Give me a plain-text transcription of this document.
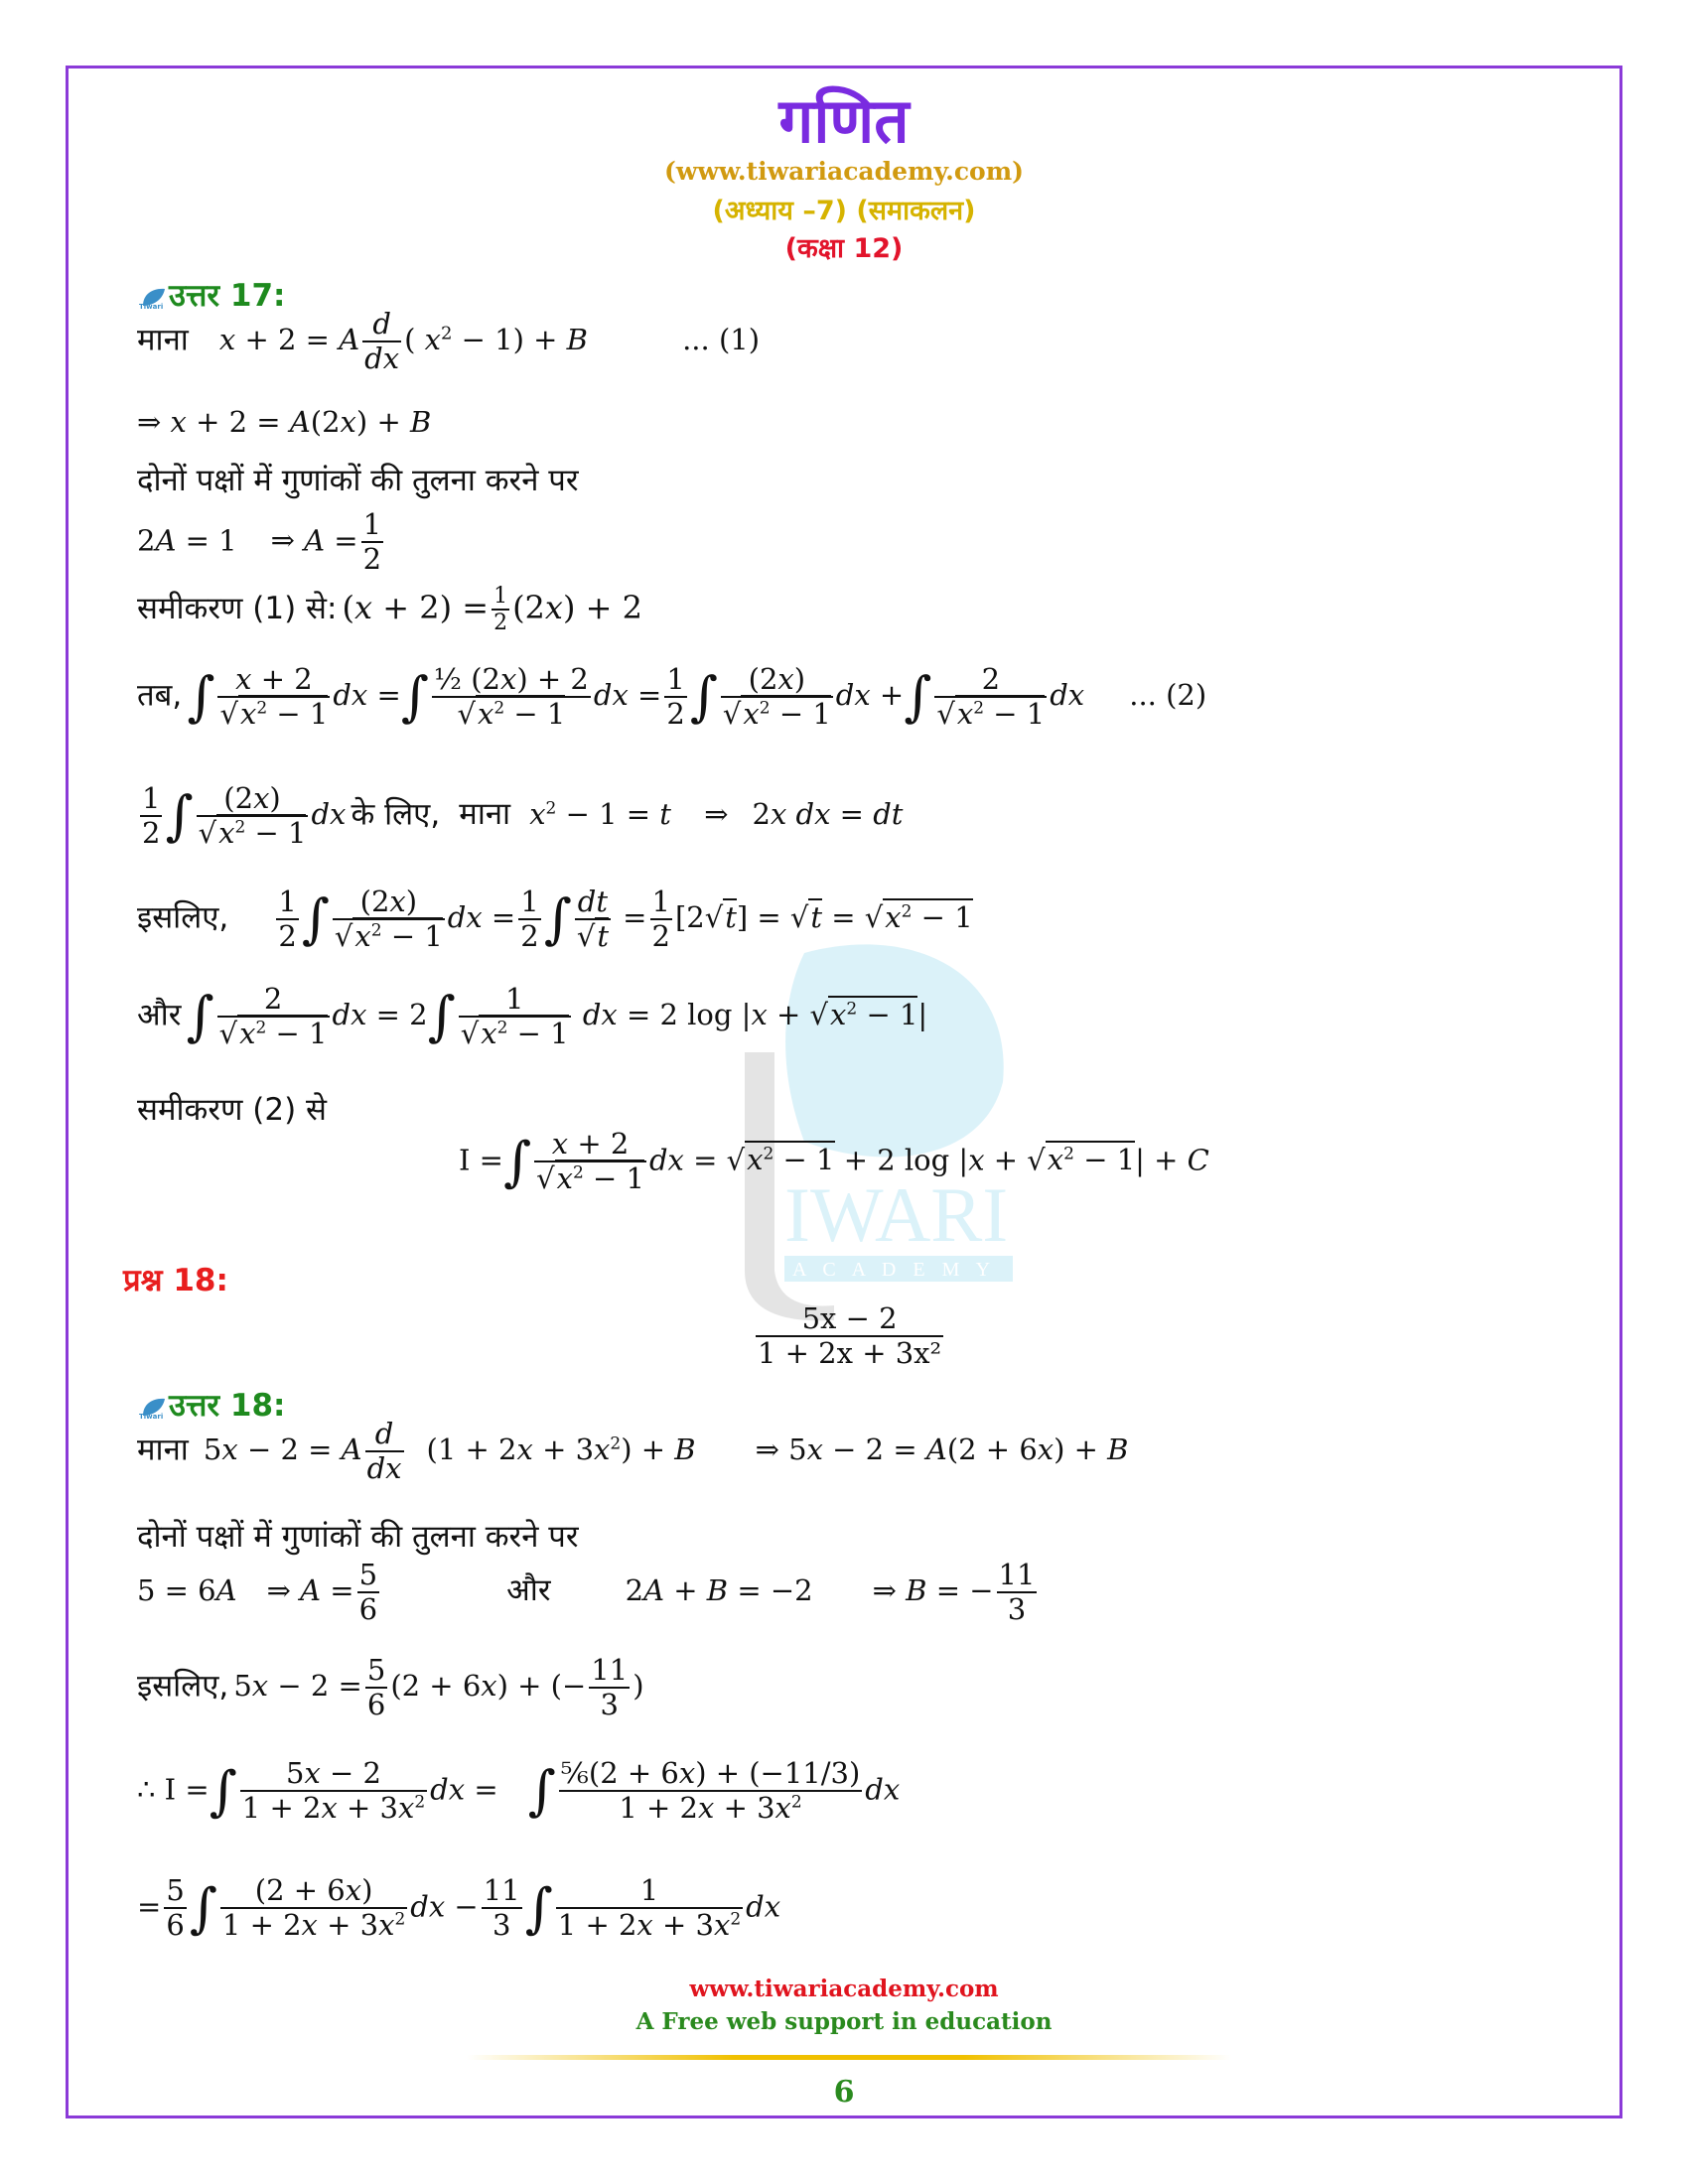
IWARI
A C A D E M Y
गणित
(www.tiwariacademy.com)
(अध्याय –7) (समाकलन)
(कक्षा 12)
Tiwari उत्तर 17:
माना x + 2 = A $\frac{d}{dx}$ ( $x^2 - 1) + B$	... (1)
⇒ x + 2 = A(2x) + B
दोनों पक्षों में गुणांकों की तुलना करने पर
2A = 1 ⇒ $A = \frac{1}{2}$
समीकरण (1) से: $(x + 2) = \frac{1}{2} (2x) + 2$
तब, ∫ $\frac{x + 2}{√x^2 - 1}$ dx =∫ $\frac{\text{½ (2x) + 2}}{√x^2 - 1}$ dx = $\frac{1}{2}$ ∫ $\frac{(2x)}{√x^2 - 1}$ dx +∫ $\frac{2}{√x^2 - 1}$ dx ... (2)
$\frac{1}{2}$ ∫ $\frac{(2x)}{√x^2 - 1}$ dx के लिए, माना $x^2 - 1 = t$ ⇒ 2x dx = dt
इसलिए, $\frac{1}{2}$ ∫ $\frac{(2x)}{√x^2 - 1}$ dx = $\frac{1}{2}$ ∫ $\frac{dt}{√t} = \frac{1}{2} [2√t] = √t = √x^2 - 1$
और ∫ $\frac{2}{√x^2 - 1}$ dx = $2\int \frac{1}{√x^2 - 1}$ dx = 2 $\log |x + √x^2 - 1|$
समीकरण (2) से
I =∫ $\frac{x + 2}{√x^2 - 1}$ dx = $√x^2 - 1 + 2$ $\log |x + √x^2 - 1| + C$
प्रश्न 18:
$\frac{5x - 2}{\text{1 + 2x + 3x²}}$
Tiwari उत्तर 18:
माना 5x − 2 = A $\frac{d}{dx} (1 + 2x + 3x^2) + B$ ⇒ 5x − 2 = A(2 + 6x) + B
दोनों पक्षों में गुणांकों की तुलना करने पर
5 = 6A ⇒ $A = \frac{5}{6}$	और	2A + B = −2 ⇒ B = − $\frac{11}{3}$
इसलिए, $5x - 2 = \frac{5}{6} (2 + 6x)$ + (− $\frac{11}{3}$ )
∴ I =∫ $\frac{5x - 2}{1 + 2x + 3x^2}$ dx = ∫ $\frac{\text{⅚(2 + 6x) + (−11/3)}}{1 + 2x + 3x^2}$ dx
= $\frac{5}{6}$ ∫ $\frac{(2 + 6x)}{1 + 2x + 3x^2}$ dx − $\frac{11}{3}$ ∫ $\frac{1}{1 + 2x + 3x^2}$ dx
www.tiwariacademy.com
A Free web support in education
6
